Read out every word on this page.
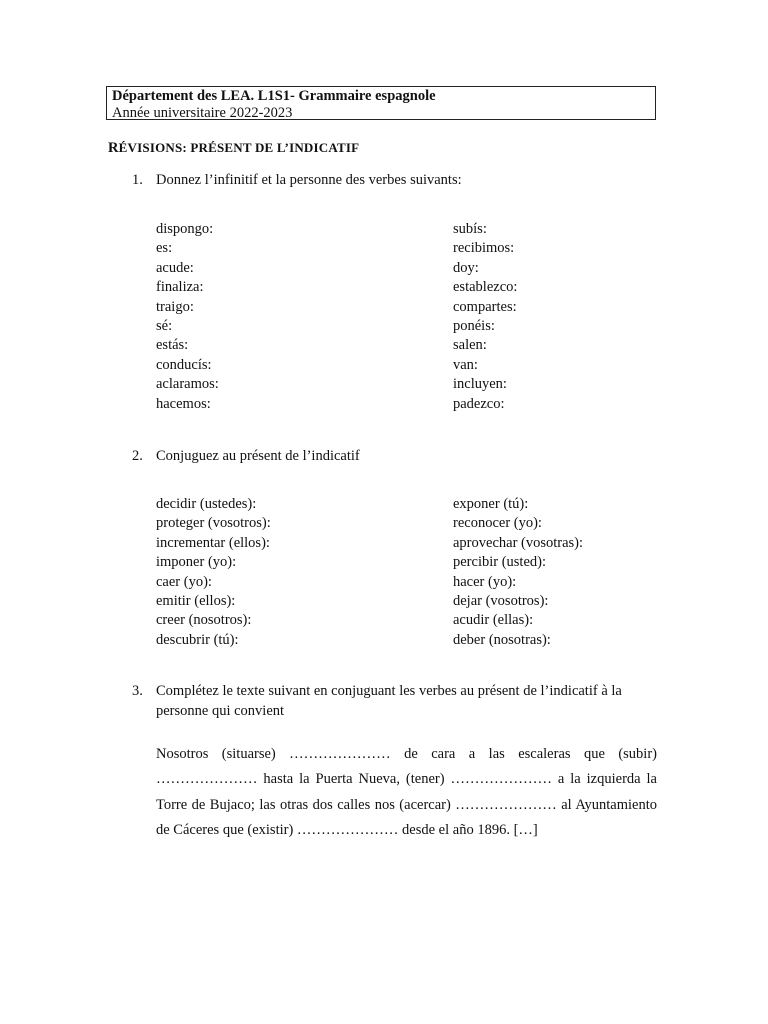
Département des LEA. L1S1- Grammaire espagnole
Année universitaire 2022-2023
RÉVISIONS: PRÉSENT DE L’INDICATIF
1. Donnez l’infinitif et la personne des verbes suivants:
dispongo:
es:
acude:
finaliza:
traigo:
sé:
estás:
conducís:
aclaramos:
hacemos:
subís:
recibimos:
doy:
establezco:
compartes:
ponéis:
salen:
van:
incluyen:
padezco:
2. Conjuguez au présent de l’indicatif
decidir (ustedes):
proteger (vosotros):
incrementar (ellos):
imponer (yo):
caer (yo):
emitir (ellos):
creer (nosotros):
descubrir (tú):
exponer (tú):
reconocer (yo):
aprovechar (vosotras):
percibir (usted):
hacer (yo):
dejar (vosotros):
acudir (ellas):
deber (nosotras):
3. Complétez le texte suivant en conjuguant les verbes au présent de l’indicatif à la personne qui convient
Nosotros (situarse) ………………… de cara a las escaleras que (subir) ………………… hasta la Puerta Nueva, (tener) ………………… a la izquierda la Torre de Bujaco; las otras dos calles nos (acercar) ………………… al Ayuntamiento de Cáceres que (existir) ………………… desde el año 1896. […]
